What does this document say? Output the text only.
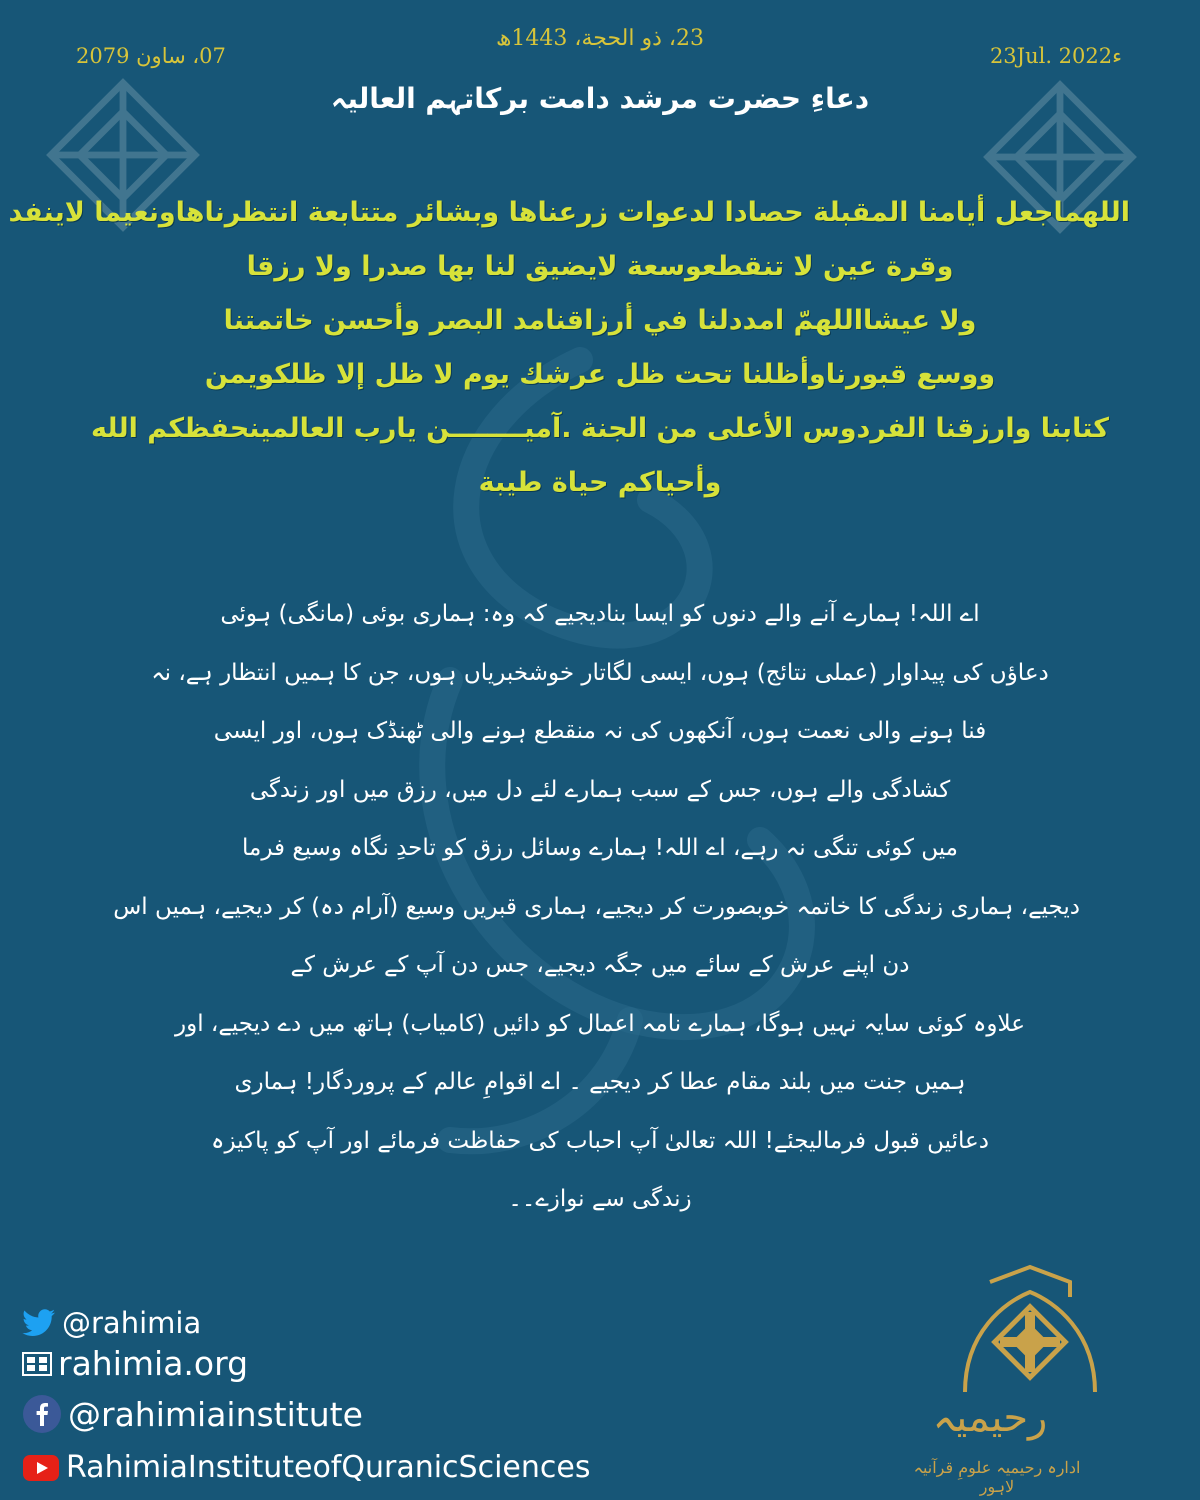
23، ذو الحجة، 1443ھ
07، ساون 2079	23Jul. 2022ء
دعاءِ حضرت مرشد دامت برکاتہم العالیہ
اللهماجعل أيامنا المقبلة حصادا لدعوات زرعناها وبشائر متتابعة انتظرناهاونعيما لاينفد
وقرة عين لا تنقطعوسعة لايضيق لنا بها صدرا ولا رزقا
ولا عيشااللهمّ امددلنا في أرزاقنامد البصر وأحسن خاتمتنا
ووسع قبورناوأظلنا تحت ظل عرشك يوم لا ظل إلا ظلكويمن
كتابنا وارزقنا الفردوس الأعلى من الجنة .آميــــــــن يارب العالمينحفظكم الله
وأحياكم حياة طيبة
اے اللہ! ہمارے آنے والے دنوں کو ایسا بنادیجیے کہ وہ: ہماری بوئی (مانگی) ہوئی
دعاؤں کی پیداوار (عملی نتائج) ہوں، ایسی لگاتار خوشخبریاں ہوں، جن کا ہمیں انتظار ہے، نہ
فنا ہونے والی نعمت ہوں، آنکھوں کی نہ منقطع ہونے والی ٹھنڈک ہوں، اور ایسی
کشادگی والے ہوں، جس کے سبب ہمارے لئے دل میں، رزق میں اور زندگی
میں کوئی تنگی نہ رہے، اے اللہ! ہمارے وسائل رزق کو تاحدِ نگاہ وسیع فرما
دیجیے، ہماری زندگی کا خاتمہ خوبصورت کر دیجیے، ہماری قبریں وسیع (آرام دہ) کر دیجیے، ہمیں اس
دن اپنے عرش کے سائے میں جگہ دیجیے، جس دن آپ کے عرش کے
علاوہ کوئی سایہ نہیں ہوگا، ہمارے نامہ اعمال کو دائیں (کامیاب) ہاتھ میں دے دیجیے، اور
ہمیں جنت میں بلند مقام عطا کر دیجیے ۔ اے اقوامِ عالم کے پروردگار! ہماری
دعائیں قبول فرمالیجئے! اللہ تعالیٰ آپ احباب کی حفاظت فرمائے اور آپ کو پاکیزہ
زندگی سے نوازے۔۔
@rahimia
rahimia.org
@rahimiainstitute
RahimiaInstituteofQuranicSciences
رحیمیہ
ادارہ رحیمیہ علومِ قرآنیہ لاہور
